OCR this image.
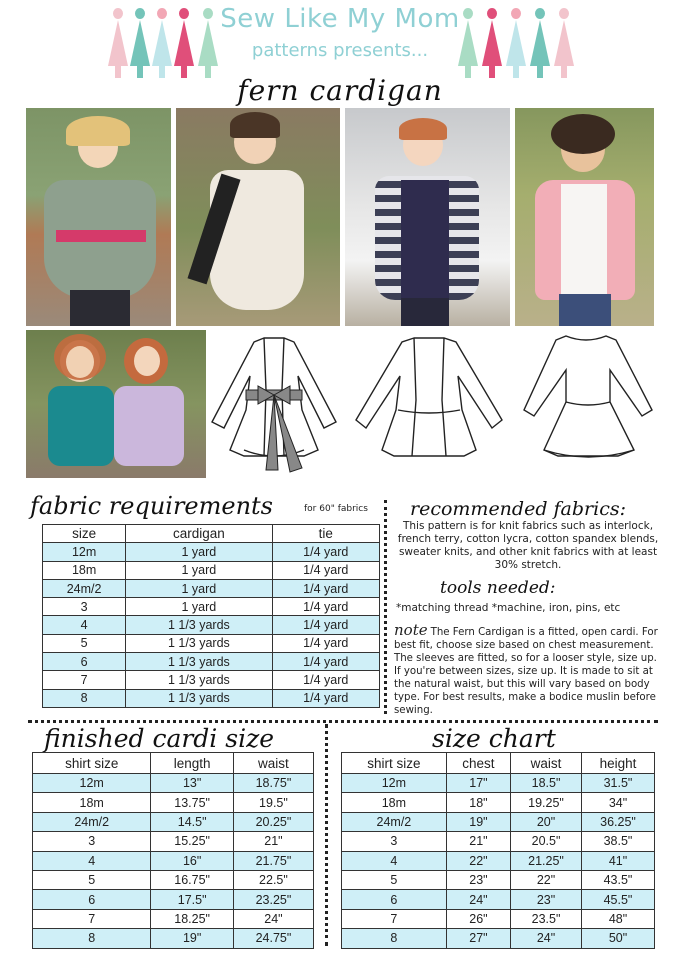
Sew Like My Mom
patterns presents...
fern cardigan
fabric requirements	for 60" fabrics
size	cardigan	tie
12m	1 yard	1/4 yard
18m	1 yard	1/4 yard
24m/2	1 yard	1/4 yard
3	1 yard	1/4 yard
4	1 1/3 yards	1/4 yard
5	1 1/3 yards	1/4 yard
6	1 1/3 yards	1/4 yard
7	1 1/3 yards	1/4 yard
8	1 1/3 yards	1/4 yard
recommended fabrics:
This pattern is for knit fabrics such as interlock, french terry, cotton lycra, cotton spandex blends, sweater knits, and other knit fabrics with at least 30% stretch.
tools needed:
*matching thread *machine, iron, pins, etc
note The Fern Cardigan is a fitted, open cardi. For best fit, choose size based on chest measurement. The sleeves are fitted, so for a looser style, size up. If you're between sizes, size up. It is made to sit at the natural waist, but this will vary based on body type. For best results, make a bodice muslin before sewing.
finished cardi size
shirt size	length	waist
12m	13"	18.75"
18m	13.75"	19.5"
24m/2	14.5"	20.25"
3	15.25"	21"
4	16"	21.75"
5	16.75"	22.5"
6	17.5"	23.25"
7	18.25"	24"
8	19"	24.75"
size chart
shirt size	chest	waist	height
12m	17"	18.5"	31.5"
18m	18"	19.25"	34"
24m/2	19"	20"	36.25"
3	21"	20.5"	38.5"
4	22"	21.25"	41"
5	23"	22"	43.5"
6	24"	23"	45.5"
7	26"	23.5"	48"
8	27"	24"	50"
